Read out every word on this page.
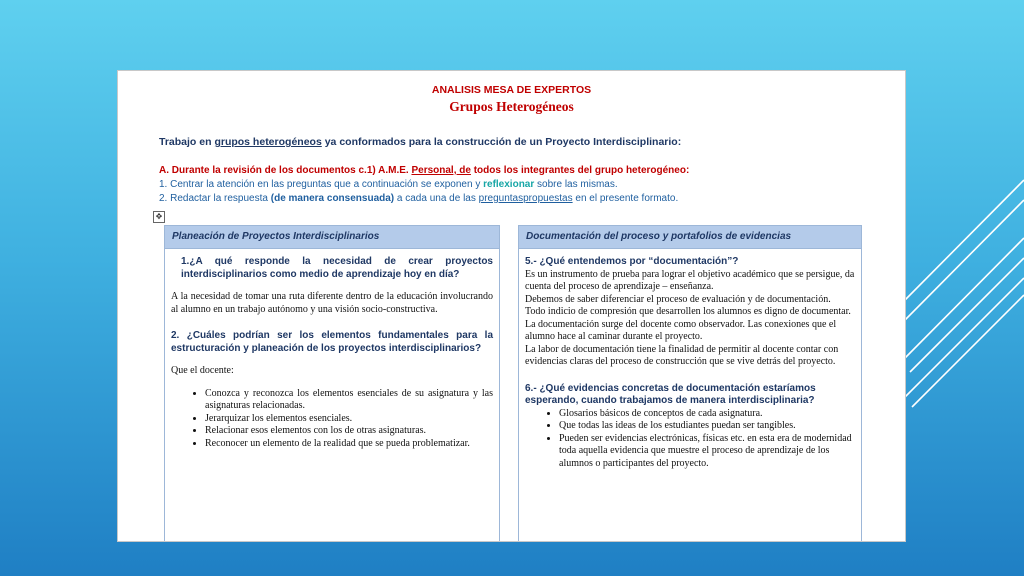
ANALISIS MESA DE EXPERTOS
Grupos Heterogéneos
Trabajo en grupos heterogéneos ya conformados para la construcción de un Proyecto Interdisciplinario:
A. Durante la revisión de los documentos c.1) A.M.E. Personal, de todos los integrantes del grupo heterogéneo:
1. Centrar la atención en las preguntas que a continuación se exponen y reflexionar sobre las mismas.
2. Redactar la respuesta (de manera consensuada) a cada una de las preguntaspropuestas en el presente formato.
✥
Planeación de Proyectos Interdisciplinarios
1.¿A qué responde la necesidad de crear proyectos interdisciplinarios como medio de aprendizaje hoy en día?
A la necesidad de tomar una ruta diferente dentro de la educación involucrando al alumno en un trabajo autónomo y una visión socio-constructiva.
2. ¿Cuáles podrían ser los elementos fundamentales para la estructuración y planeación de los proyectos interdisciplinarios?
Que el docente:
• Conozca y reconozca los elementos esenciales de su asignatura y las asignaturas relacionadas.
• Jerarquizar los elementos esenciales.
• Relacionar esos elementos con los de otras asignaturas.
• Reconocer un elemento de la realidad que se pueda problematizar.
Documentación del proceso y portafolios de evidencias
5.- ¿Qué entendemos por “documentación”?
Es un instrumento de prueba para lograr el objetivo académico que se persigue, da cuenta del proceso de aprendizaje – enseñanza.
Debemos de saber diferenciar el proceso de evaluación y de documentación.
Todo indicio de compresión que desarrollen los alumnos es digno de documentar.
La documentación surge del docente como observador. Las conexiones que el alumno hace al caminar durante el proyecto.
La labor de documentación tiene la finalidad de permitir al docente contar con evidencias claras del proceso de construcción que se vive detrás del proyecto.
6.- ¿Qué evidencias concretas de documentación estaríamos esperando, cuando trabajamos de manera interdisciplinaria?
• Glosarios básicos de conceptos de cada asignatura.
• Que todas las ideas de los estudiantes puedan ser tangibles.
• Pueden ser evidencias electrónicas, físicas etc. en esta era de modernidad toda aquella evidencia que muestre el proceso de aprendizaje de los alumnos o participantes del proyecto.
